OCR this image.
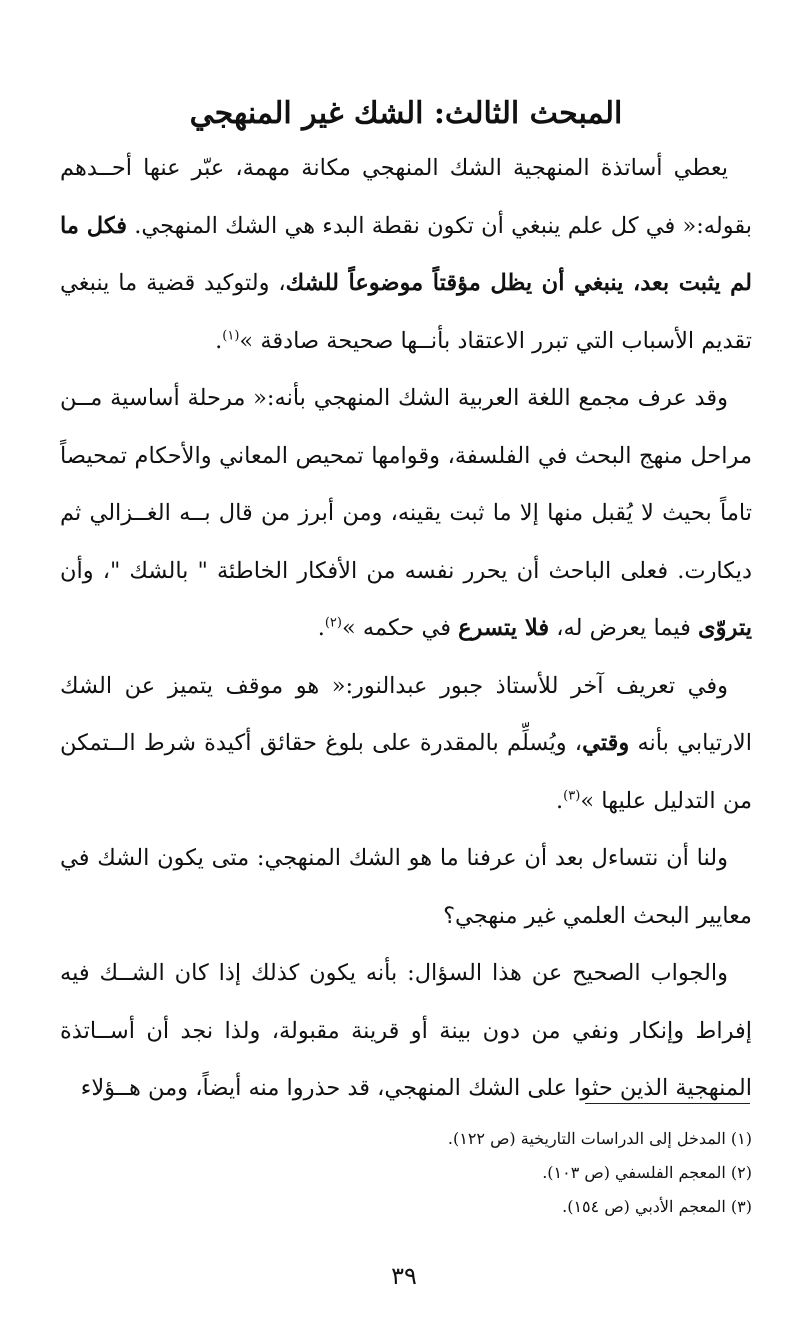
المبحث الثالث: الشك غير المنهجي

يعطي أساتذة المنهجية الشك المنهجي مكانة مهمة، عبّر عنها أحــدهم بقوله:« في كل علم ينبغي أن تكون نقطة البدء هي الشك المنهجي. فكل ما لم يثبت بعد، ينبغي أن يظل مؤقتاً موضوعاً للشك، ولتوكيد قضية ما ينبغي تقديم الأسباب التي تبرر الاعتقاد بأنــها صحيحة صادقة »$^{(١)}$.

وقد عرف مجمع اللغة العربية الشك المنهجي بأنه:« مرحلة أساسية مــن مراحل منهج البحث في الفلسفة، وقوامها تمحيص المعاني والأحكام تمحيصاً تاماً بحيث لا يُقبل منها إلا ما ثبت يقينه، ومن أبرز من قال بــه الغــزالي ثم ديكارت. فعلى الباحث أن يحرر نفسه من الأفكار الخاطئة " بالشك "، وأن يتروّى فيما يعرض له، فلا يتسرع في حكمه »$^{(٢)}$.

وفي تعريف آخر للأستاذ جبور عبدالنور:« هو موقف يتميز عن الشك الارتيابي بأنه وقتي، ويُسلِّم بالمقدرة على بلوغ حقائق أكيدة شرط الــتمكن من التدليل عليها »$^{(٣)}$.

ولنا أن نتساءل بعد أن عرفنا ما هو الشك المنهجي: متى يكون الشك في معايير البحث العلمي غير منهجي؟

والجواب الصحيح عن هذا السؤال: بأنه يكون كذلك إذا كان الشــك فيه إفراط وإنكار ونفي من دون بينة أو قرينة مقبولة، ولذا نجد أن أســاتذة المنهجية الذين حثوا على الشك المنهجي، قد حذروا منه أيضاً، ومن هــؤلاء

(١) المدخل إلى الدراسات التاريخية (ص ١٢٢).

(٢) المعجم الفلسفي (ص ١٠٣).

(٣) المعجم الأدبي (ص ١٥٤).

٣٩
